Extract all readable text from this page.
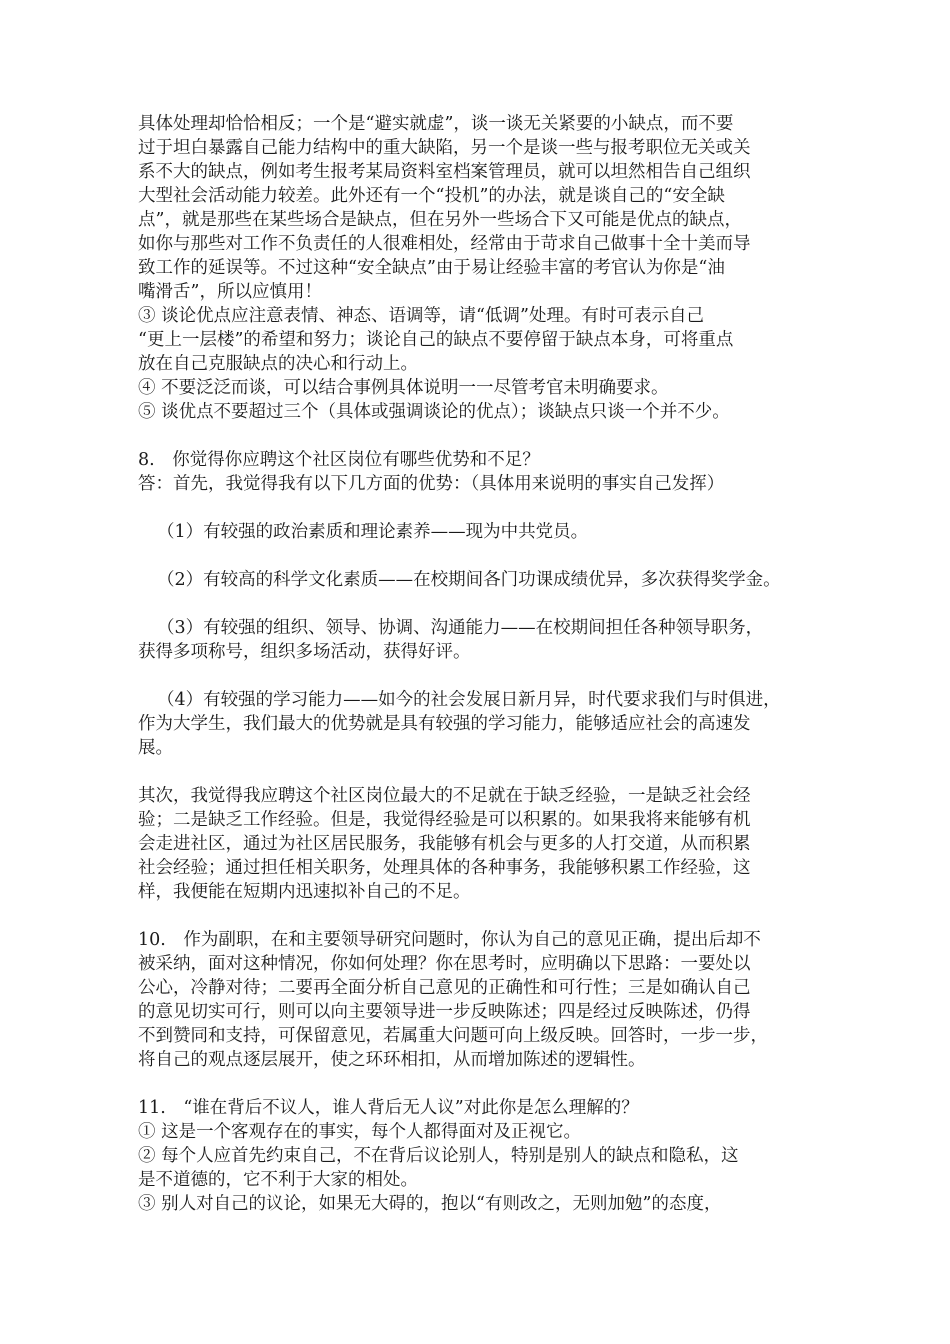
具体处理却恰恰相反；一个是“避实就虚”，谈一谈无关紧要的小缺点，而不要

过于坦白暴露自己能力结构中的重大缺陷，另一个是谈一些与报考职位无关或关

系不大的缺点，例如考生报考某局资料室档案管理员，就可以坦然相告自己组织

大型社会活动能力较差。此外还有一个“投机”的办法，就是谈自己的“安全缺

点”，就是那些在某些场合是缺点，但在另外一些场合下又可能是优点的缺点，

如你与那些对工作不负责任的人很难相处，经常由于苛求自己做事十全十美而导

致工作的延误等。不过这种“安全缺点”由于易让经验丰富的考官认为你是“油

嘴滑舌”，所以应慎用！

③ 谈论优点应注意表情、神态、语调等，请“低调”处理。有时可表示自己

“更上一层楼”的希望和努力；谈论自己的缺点不要停留于缺点本身，可将重点

放在自己克服缺点的决心和行动上。

④ 不要泛泛而谈，可以结合事例具体说明一一尽管考官未明确要求。

⑤ 谈优点不要超过三个（具体或强调谈论的优点）；谈缺点只谈一个并不少。

8.　你觉得你应聘这个社区岗位有哪些优势和不足？

答：首先，我觉得我有以下几方面的优势：（具体用来说明的事实自己发挥）

（1）有较强的政治素质和理论素养——现为中共党员。

（2）有较高的科学文化素质——在校期间各门功课成绩优异，多次获得奖学金。

（3）有较强的组织、领导、协调、沟通能力——在校期间担任各种领导职务，

获得多项称号，组织多场活动，获得好评。

（4）有较强的学习能力——如今的社会发展日新月异，时代要求我们与时俱进，

作为大学生，我们最大的优势就是具有较强的学习能力，能够适应社会的高速发

展。

其次，我觉得我应聘这个社区岗位最大的不足就在于缺乏经验，一是缺乏社会经

验；二是缺乏工作经验。但是，我觉得经验是可以积累的。如果我将来能够有机

会走进社区，通过为社区居民服务，我能够有机会与更多的人打交道，从而积累

社会经验；通过担任相关职务，处理具体的各种事务，我能够积累工作经验，这

样，我便能在短期内迅速拟补自己的不足。

10.　作为副职，在和主要领导研究问题时，你认为自己的意见正确，提出后却不

被采纳，面对这种情况，你如何处理？你在思考时，应明确以下思路：一要处以

公心，冷静对待；二要再全面分析自己意见的正确性和可行性；三是如确认自己

的意见切实可行，则可以向主要领导进一步反映陈述；四是经过反映陈述，仍得

不到赞同和支持，可保留意见，若属重大问题可向上级反映。回答时，一步一步，

将自己的观点逐层展开，使之环环相扣，从而增加陈述的逻辑性。

11.　“谁在背后不议人，谁人背后无人议”对此你是怎么理解的？

① 这是一个客观存在的事实，每个人都得面对及正视它。

② 每个人应首先约束自己，不在背后议论别人，特别是别人的缺点和隐私，这

是不道德的，它不利于大家的相处。

③ 别人对自己的议论，如果无大碍的，抱以“有则改之，无则加勉”的态度，
